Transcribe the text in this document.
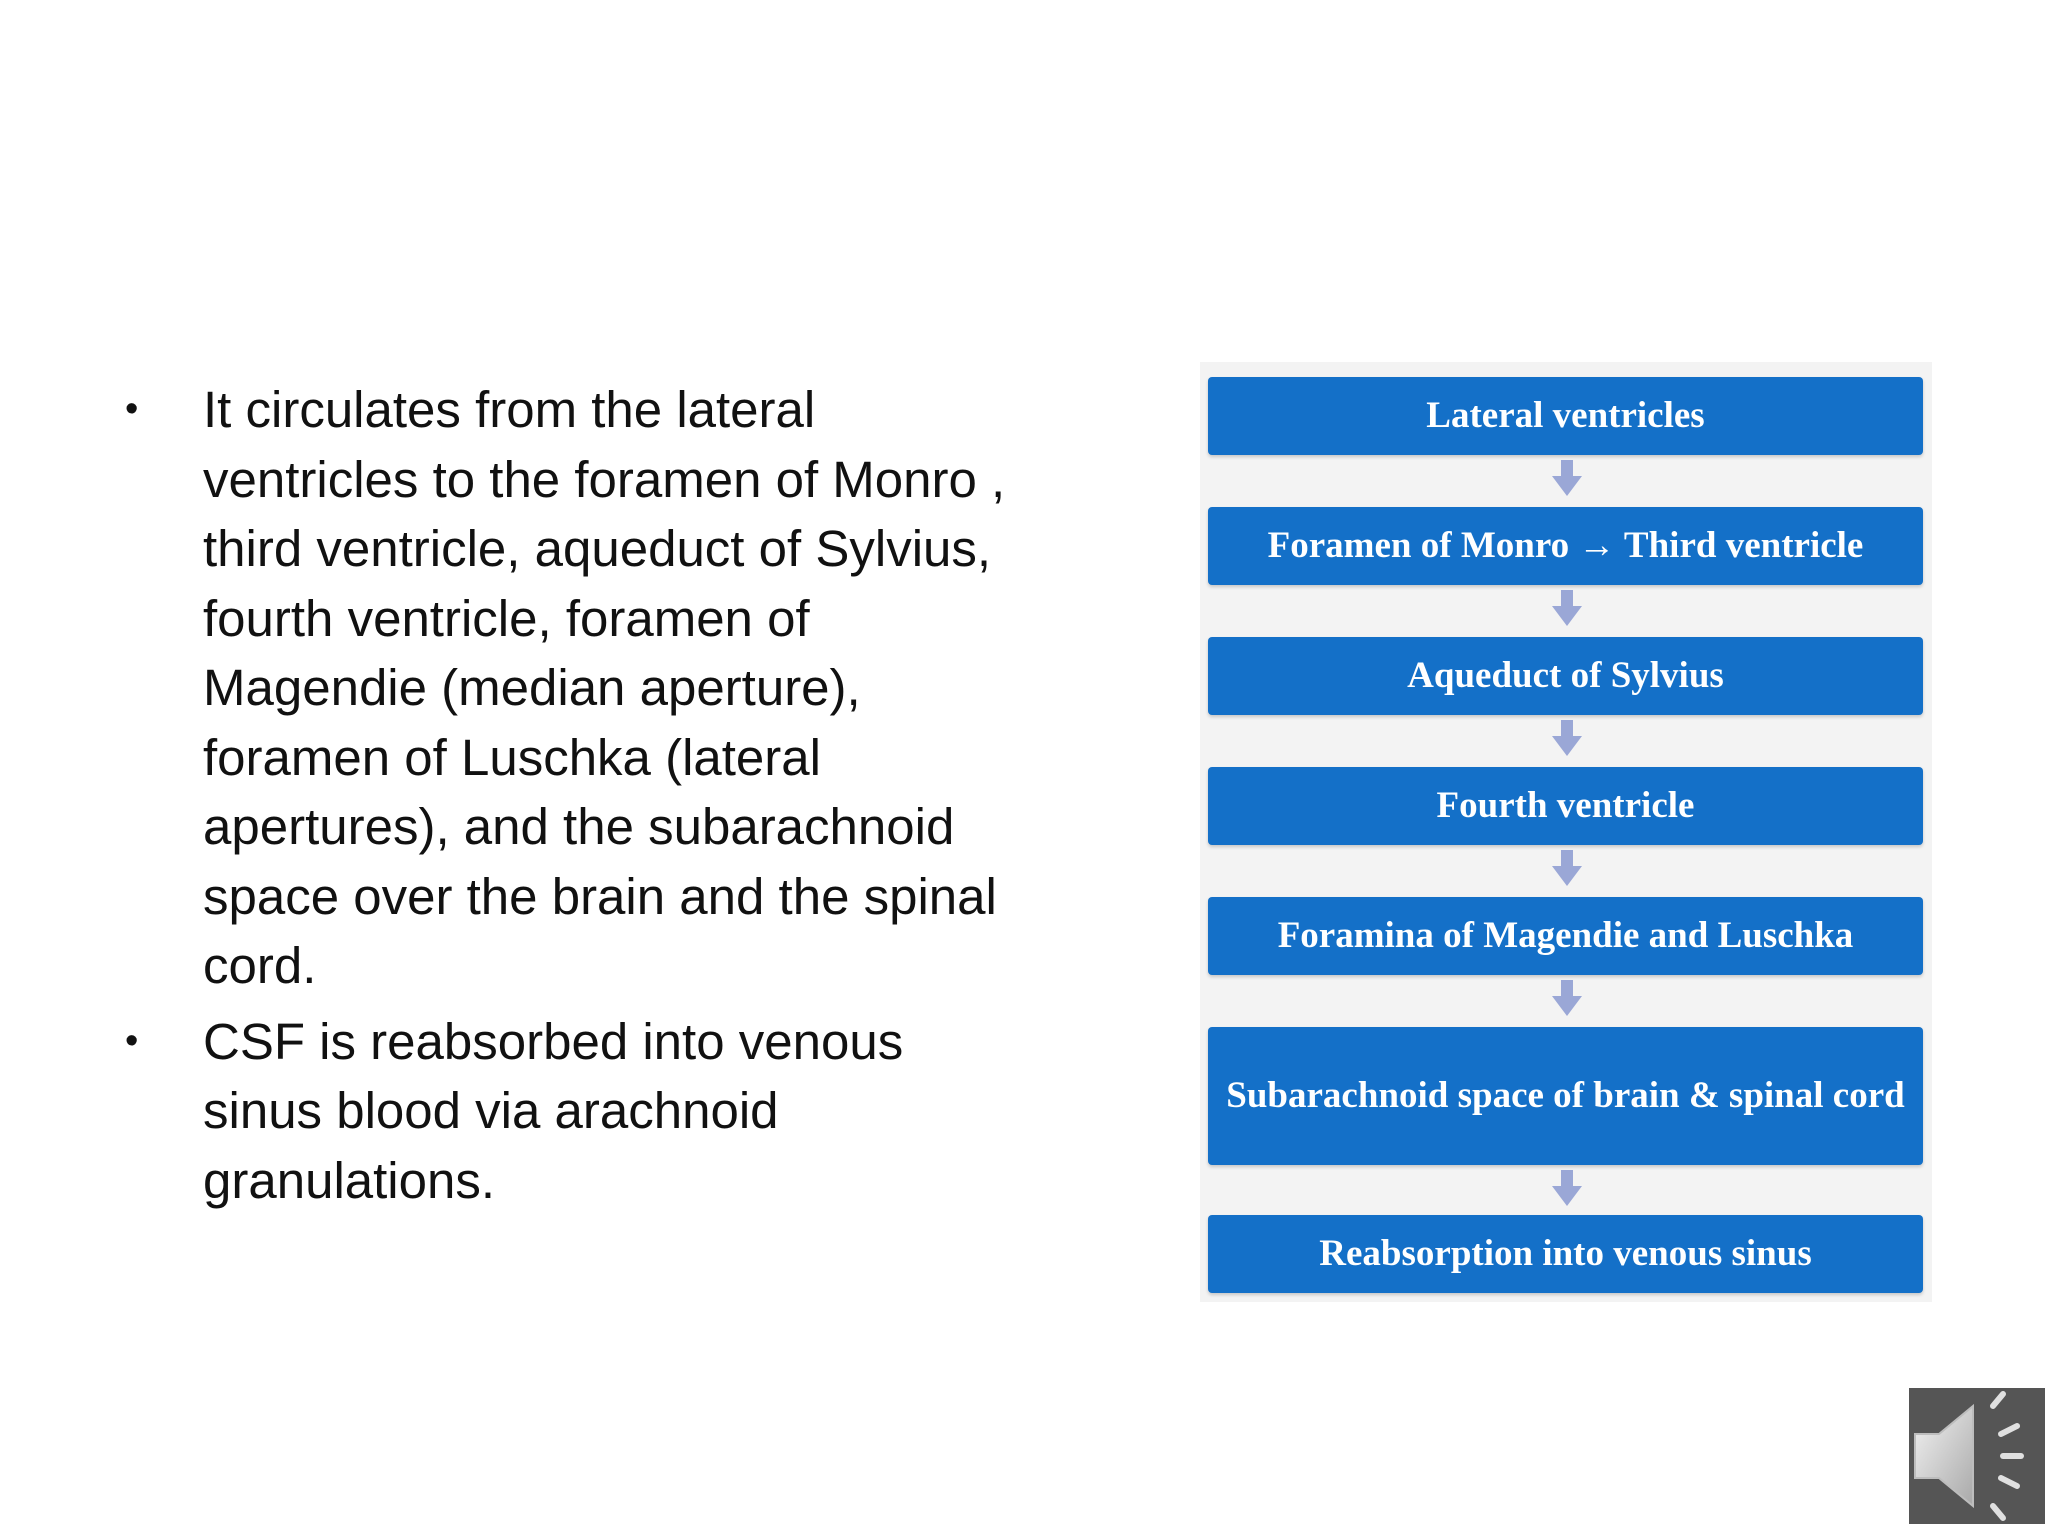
• It circulates from the lateral ventricles to the foramen of Monro , third ventricle, aqueduct of Sylvius, fourth ventricle, foramen of Magendie (median aperture), foramen of Luschka (lateral apertures), and the subarachnoid space over the brain and the spinal cord.
• CSF is reabsorbed into venous sinus blood via arachnoid granulations.
Lateral ventricles
Foramen of Monro → Third ventricle
Aqueduct of Sylvius
Fourth ventricle
Foramina of Magendie and Luschka
Subarachnoid space of brain & spinal cord
Reabsorption into venous sinus
